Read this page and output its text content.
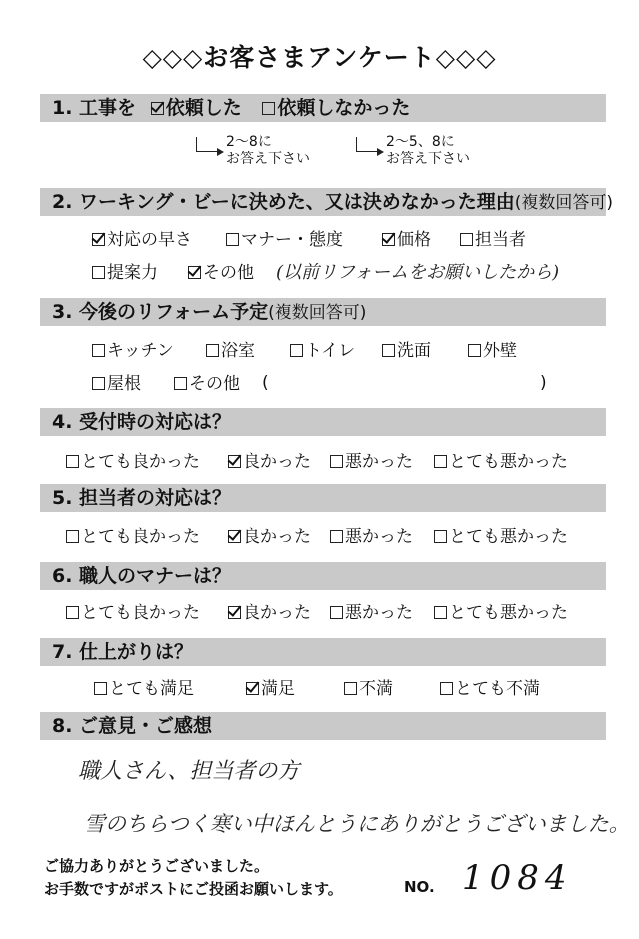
◇◇◇お客さまアンケート◇◇◇
1. 工事を 依頼した 依頼しなかった
2〜8に
お答え下さい
2〜5、8に
お答え下さい
2. ワーキング・ビーに決めた、又は決めなかった理由(複数回答可)
対応の早さ	マナー・態度	価格	担当者
提案力	その他 (以前リフォームをお願いしたから)
3. 今後のリフォーム予定(複数回答可)
キッチン	浴室	トイレ	洗面	外壁
屋根	その他 (	)
4. 受付時の対応は？
とても良かった	良かった	悪かった	とても悪かった
5. 担当者の対応は？
とても良かった	良かった	悪かった	とても悪かった
6. 職人のマナーは？
とても良かった	良かった	悪かった	とても悪かった
7. 仕上がりは？
とても満足	満足	不満	とても不満
8. ご意見・ご感想
職人さん、担当者の方
雪のちらつく寒い中ほんとうにありがとうございました。
ご協力ありがとうございました。
お手数ですがポストにご投函お願いします。	NO. 1084
